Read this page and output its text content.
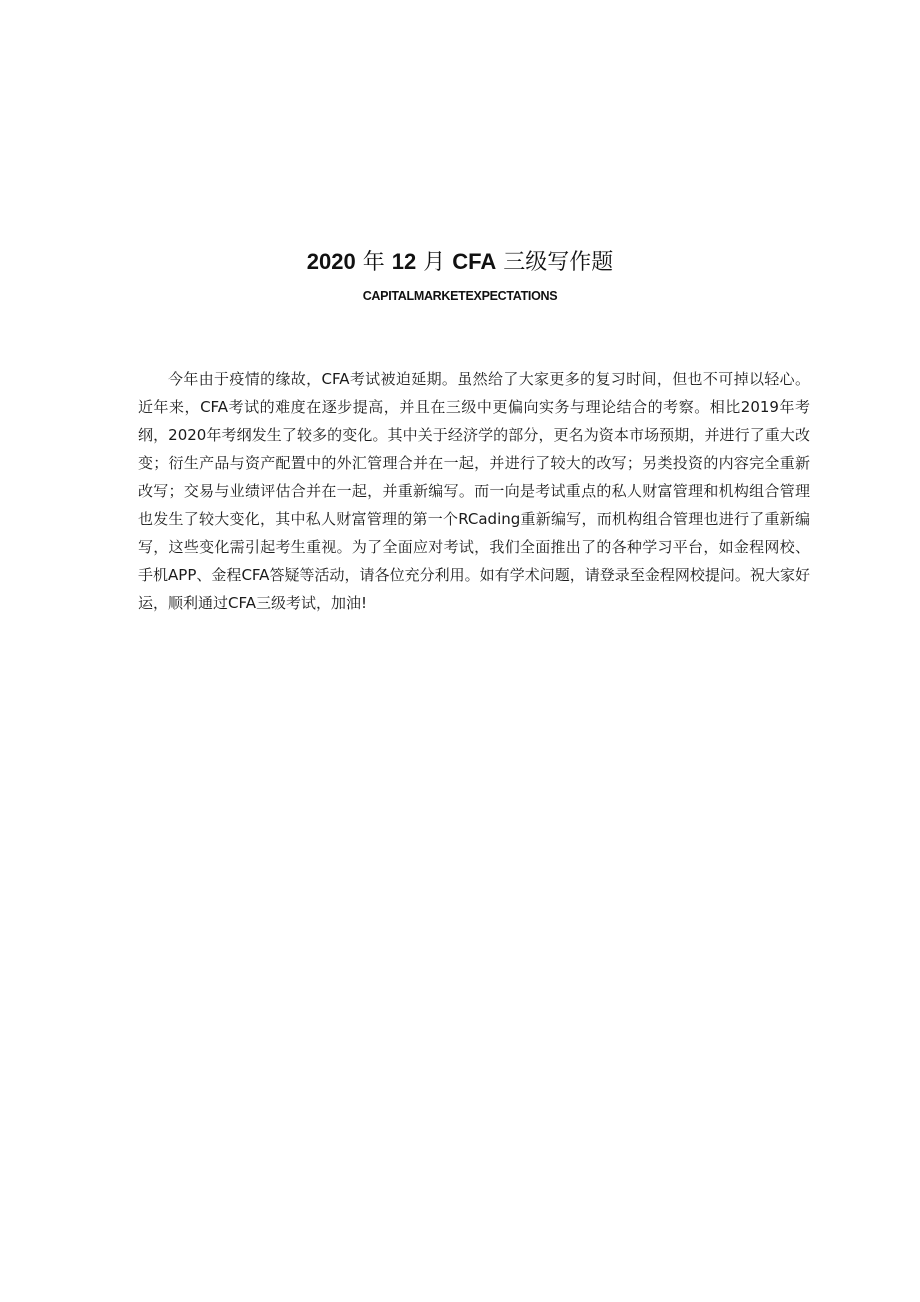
2020 年 12 月 CFA 三级写作题
CAPITALMARKETEXPECTATIONS

今年由于疫情的缘故，CFA考试被迫延期。虽然给了大家更多的复习时间，但也不可掉以轻心。近年来，CFA考试的难度在逐步提高，并且在三级中更偏向实务与理论结合的考察。相比2019年考纲，2020年考纲发生了较多的变化。其中关于经济学的部分，更名为资本市场预期，并进行了重大改变；衍生产品与资产配置中的外汇管理合并在一起，并进行了较大的改写；另类投资的内容完全重新改写；交易与业绩评估合并在一起，并重新编写。而一向是考试重点的私人财富管理和机构组合管理也发生了较大变化，其中私人财富管理的第一个RCading重新编写，而机构组合管理也进行了重新编写，这些变化需引起考生重视。为了全面应对考试，我们全面推出了的各种学习平台，如金程网校、手机APP、金程CFA答疑等活动，请各位充分利用。如有学术问题，请登录至金程网校提问。祝大家好运，顺利通过CFA三级考试，加油!
